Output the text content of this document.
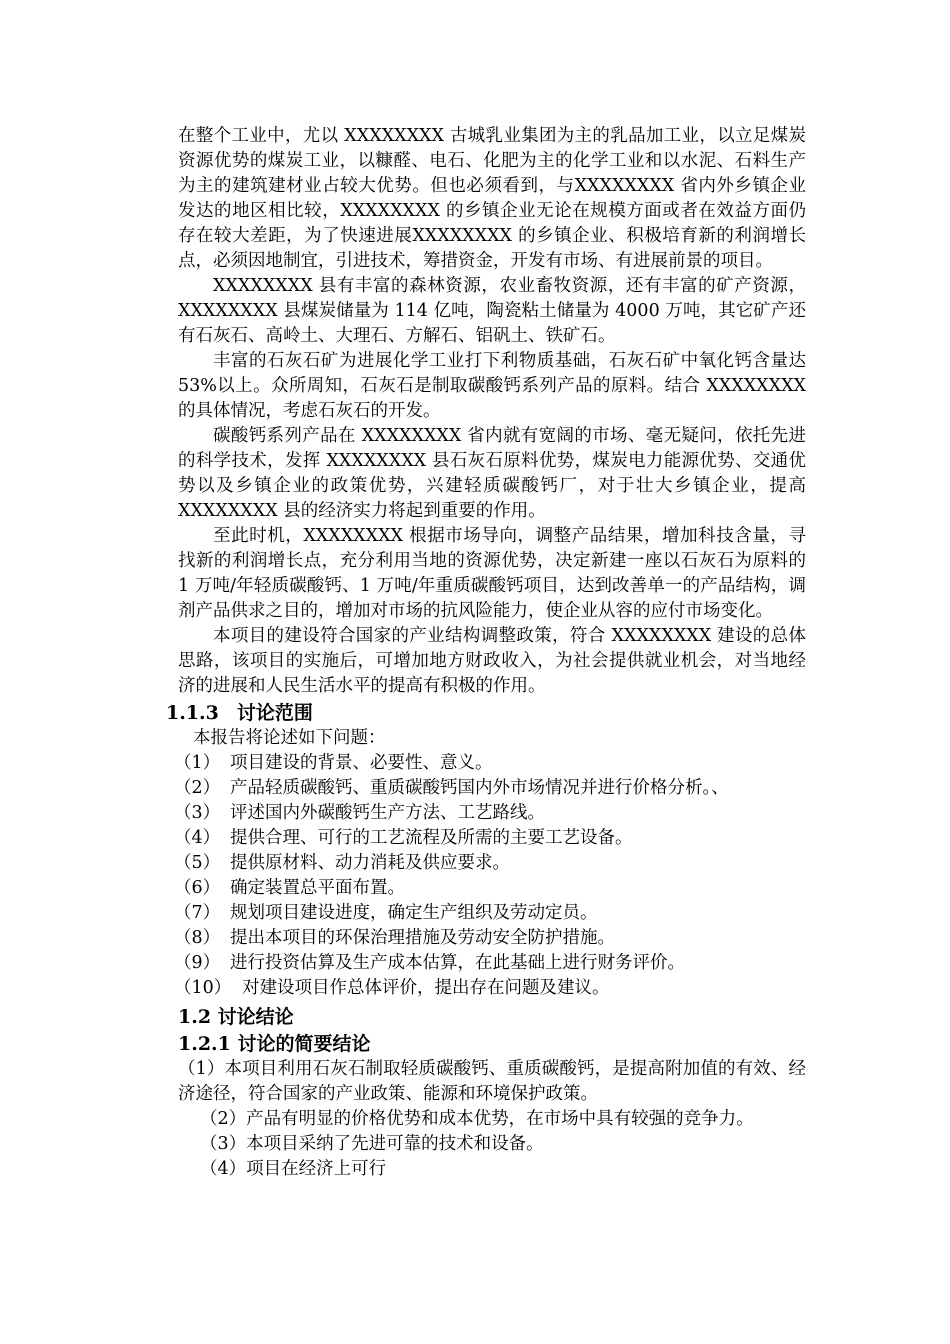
在整个工业中，尤以 XXXXXXXX 古城乳业集团为主的乳品加工业，以立足煤炭资源优势的煤炭工业，以糠醛、电石、化肥为主的化学工业和以水泥、石料生产为主的建筑建材业占较大优势。但也必须看到，与XXXXXXXX 省内外乡镇企业发达的地区相比较，XXXXXXXX 的乡镇企业无论在规模方面或者在效益方面仍存在较大差距，为了快速进展XXXXXXXX 的乡镇企业、积极培育新的利润增长点，必须因地制宜，引进技术，筹措资金，开发有市场、有进展前景的项目。

XXXXXXXX 县有丰富的森林资源，农业畜牧资源，还有丰富的矿产资源，XXXXXXXX 县煤炭储量为 114 亿吨，陶瓷粘土储量为 4000 万吨，其它矿产还有石灰石、高岭土、大理石、方解石、铝矾土、铁矿石。

丰富的石灰石矿为进展化学工业打下利物质基础，石灰石矿中氧化钙含量达 53%以上。众所周知，石灰石是制取碳酸钙系列产品的原料。结合 XXXXXXXX 的具体情况，考虑石灰石的开发。

碳酸钙系列产品在 XXXXXXXX 省内就有宽阔的市场、毫无疑问，依托先进的科学技术，发挥 XXXXXXXX 县石灰石原料优势，煤炭电力能源优势、交通优势以及乡镇企业的政策优势，兴建轻质碳酸钙厂，对于壮大乡镇企业，提高 XXXXXXXX 县的经济实力将起到重要的作用。

至此时机，XXXXXXXX 根据市场导向，调整产品结果，增加科技含量，寻找新的利润增长点，充分利用当地的资源优势，决定新建一座以石灰石为原料的 1 万吨/年轻质碳酸钙、1 万吨/年重质碳酸钙项目，达到改善单一的产品结构，调剂产品供求之目的，增加对市场的抗风险能力，使企业从容的应付市场变化。

本项目的建设符合国家的产业结构调整政策，符合 XXXXXXXX 建设的总体思路，该项目的实施后，可增加地方财政收入，为社会提供就业机会，对当地经济的进展和人民生活水平的提高有积极的作用。

1.1.3 讨论范围

本报告将论述如下问题：

（1） 项目建设的背景、必要性、意义。
（2） 产品轻质碳酸钙、重质碳酸钙国内外市场情况并进行价格分析。、
（3） 评述国内外碳酸钙生产方法、工艺路线。
（4） 提供合理、可行的工艺流程及所需的主要工艺设备。
（5） 提供原材料、动力消耗及供应要求。
（6） 确定装置总平面布置。
（7） 规划项目建设进度，确定生产组织及劳动定员。
（8） 提出本项目的环保治理措施及劳动安全防护措施。
（9） 进行投资估算及生产成本估算，在此基础上进行财务评价。
（10） 对建设项目作总体评价，提出存在问题及建议。
1.2 讨论结论
1.2.1 讨论的简要结论

（1）本项目利用石灰石制取轻质碳酸钙、重质碳酸钙，是提高附加值的有效、经济途径，符合国家的产业政策、能源和环境保护政策。

（2）产品有明显的价格优势和成本优势，在市场中具有较强的竞争力。

（3）本项目采纳了先进可靠的技术和设备。

（4）项目在经济上可行
